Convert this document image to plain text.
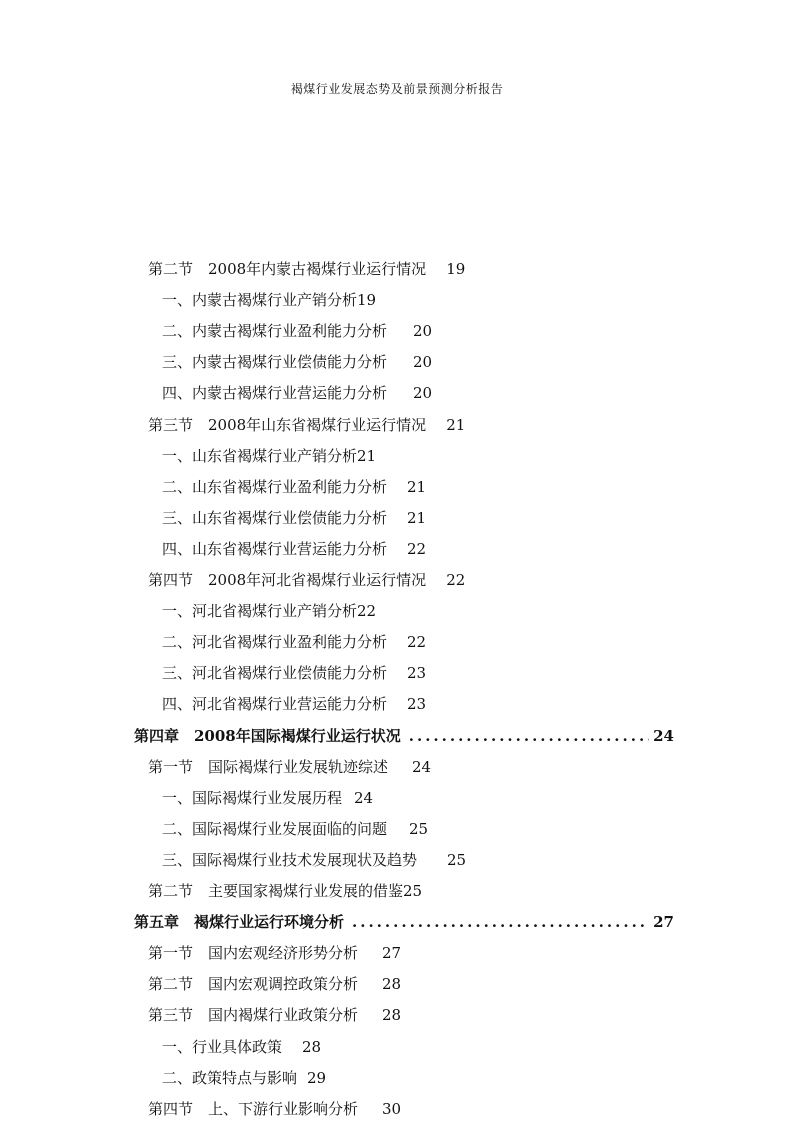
褐煤行业发展态势及前景预测分析报告
第二节　2008年内蒙古褐煤行业运行情况 19
一、内蒙古褐煤行业产销分析19
二、内蒙古褐煤行业盈利能力分析 20
三、内蒙古褐煤行业偿债能力分析 20
四、内蒙古褐煤行业营运能力分析 20
第三节　2008年山东省褐煤行业运行情况 21
一、山东省褐煤行业产销分析21
二、山东省褐煤行业盈利能力分析 21
三、山东省褐煤行业偿债能力分析 21
四、山东省褐煤行业营运能力分析 22
第四节　2008年河北省褐煤行业运行情况 22
一、河北省褐煤行业产销分析22
二、河北省褐煤行业盈利能力分析 22
三、河北省褐煤行业偿债能力分析 23
四、河北省褐煤行业营运能力分析 23
第四章　2008年国际褐煤行业运行状况 .....	24
第一节　国际褐煤行业发展轨迹综述 24
一、国际褐煤行业发展历程 24
二、国际褐煤行业发展面临的问题 25
三、国际褐煤行业技术发展现状及趋势 25
第二节　主要国家褐煤行业发展的借鉴25
第五章　褐煤行业运行环境分析 .....	27
第一节　国内宏观经济形势分析 27
第二节　国内宏观调控政策分析 28
第三节　国内褐煤行业政策分析 28
一、行业具体政策 28
二、政策特点与影响 29
第四节　上、下游行业影响分析 30
